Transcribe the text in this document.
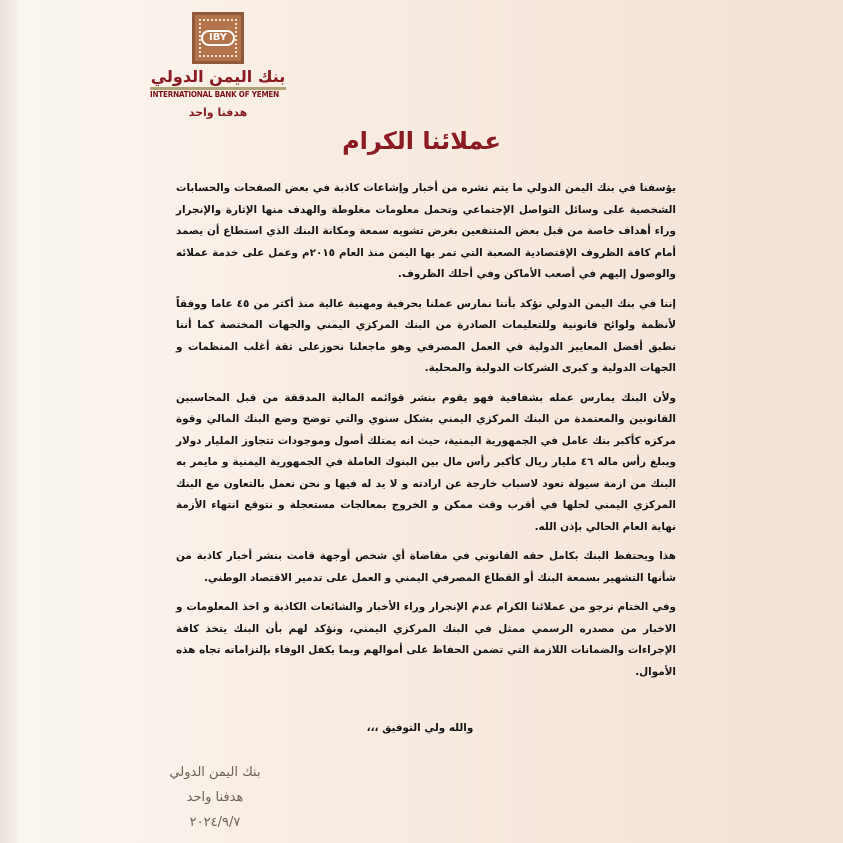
IBY
بنك اليمن الدولي
INTERNATIONAL BANK OF YEMEN
هدفنا واحد
عملائنا الكرام

يؤسفنا في بنك اليمن الدولي ما يتم نشره من أخبار وإشاعات كاذبة في بعض الصفحات والحسابات الشخصية على وسائل التواصل الإجتماعي وتحمل معلومات مغلوطة والهدف منها الإثارة والإنجرار وراء أهداف خاصة من قبل بعض المتنفعين بغرض تشويه سمعة ومكانة البنك الذي استطاع أن يصمد أمام كافة الظروف الإقتصادية الصعبة التي تمر بها اليمن منذ العام ٢٠١٥م وعمل على خدمة عملائه والوصول إليهم في أصعب الأماكن وفي أحلك الظروف.

إننا في بنك اليمن الدولي نؤكد بأننا نمارس عملنا بحرفية ومهنية عالية منذ أكثر من ٤٥ عاما ووفقاً لأنظمة ولوائح قانونية وللتعليمات الصادرة من البنك المركزي اليمني والجهات المختصة كما أننا نطبق أفضل المعايير الدولية في العمل المصرفي وهو ماجعلنا نحوزعلى ثقة أغلب المنظمات و الجهات الدولية و كبرى الشركات الدولية والمحلية.

ولأن البنك يمارس عمله بشفافية فهو يقوم بنشر قوائمه المالية المدققة من قبل المحاسبين القانونين والمعتمدة من البنك المركزي اليمني بشكل سنوي والتي توضح وضع البنك المالي وقوة مركزه كأكبر بنك عامل في الجمهورية اليمنية، حيث انه يمتلك أصول وموجودات تتجاوز المليار دولار ويبلغ رأس ماله ٤٦ مليار ريال كأكبر رأس مال بين البنوك العاملة في الجمهورية اليمنية و مايمر به البنك من ازمة سيولة تعود لاسباب خارجة عن ارادته و لا يد له فيها و نحن نعمل بالتعاون مع البنك المركزي اليمني لحلها في أقرب وقت ممكن و الخروج بمعالجات مستعجلة و نتوقع انتهاء الأزمة نهاية العام الحالي بإذن الله.

هذا ويحتفظ البنك بكامل حقه القانوني في مقاضاة أي شخص أوجهة قامت بنشر أخبار كاذبة من شأنها التشهير بسمعة البنك أو القطاع المصرفي اليمني و العمل على تدمير الاقتصاد الوطني.

وفي الختام نرجو من عملائنا الكرام عدم الإنجرار وراء الأخبار والشائعات الكاذبة و اخذ المعلومات و الاخبار من مصدره الرسمي ممثل في البنك المركزي اليمني، ونؤكد لهم بأن البنك يتخذ كافة الإجراءات والضمانات اللازمة التي تضمن الحفاظ على أموالهم وبما يكفل الوفاء بإلتزاماته تجاه هذه الأموال.

والله ولي التوفيق ،،،
بنك اليمن الدولي
هدفنا واحد
٢٠٢٤/٩/٧
